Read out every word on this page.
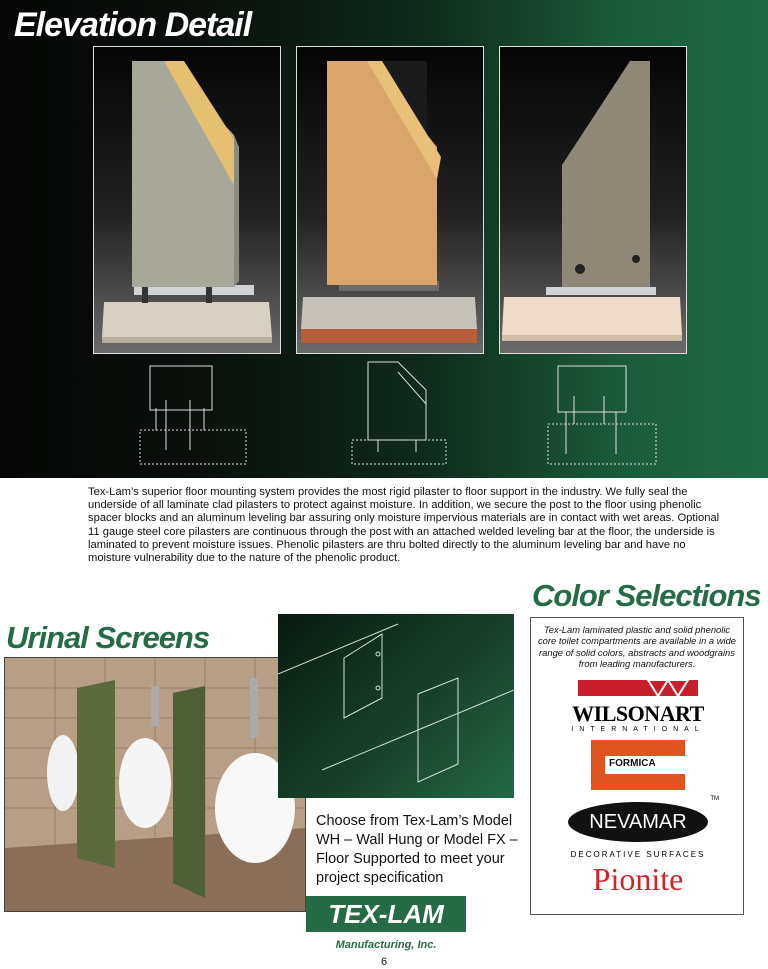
Elevation Detail

Tex-Lam’s superior floor mounting system provides the most rigid pilaster to floor support in the industry. We fully seal the underside of all laminate clad pilasters to protect against moisture. In addition, we secure the post to the floor using phenolic spacer blocks and an aluminum leveling bar assuring only moisture impervious materials are in contact with wet areas. Optional 11 gauge steel core pilasters are continuous through the post with an attached welded leveling bar at the floor, the underside is laminated to prevent moisture issues. Phenolic pilasters are thru bolted directly to the aluminum leveling bar and have no moisture vulnerability due to the nature of the phenolic product.

Color Selections

Tex-Lam laminated plastic and solid phenolic core toilet compartments are available in a wide range of solid colors, abstracts and woodgrains from leading manufacturers.

WILSONART
INTERNATIONAL
FORMICA
NEVAMAR
TM
DECORATIVE SURFACES
Pionite
Urinal Screens

Choose from Tex-Lam’s Model WH – Wall Hung or Model FX – Floor Supported to meet your project specification

TEX-LAM
Manufacturing, Inc.
6
